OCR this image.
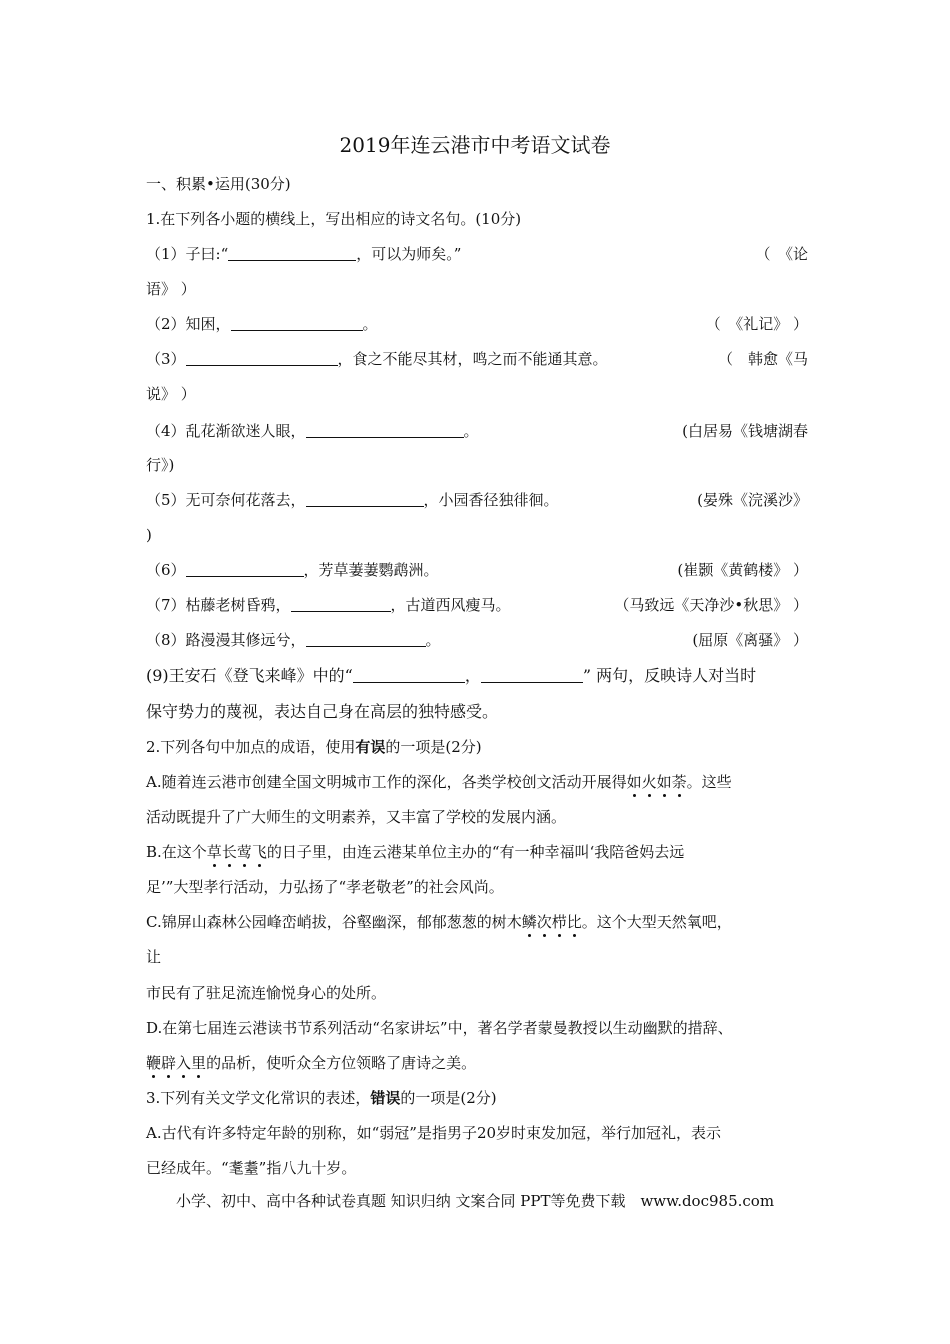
2019年连云港市中考语文试卷
一、积累•运用(30分)
1.在下列各小题的横线上，写出相应的诗文名句。(10分)
（1）子曰:“	，可以为师矣。”	（　《论
语》 ）
（2）知困，	。	（　《礼记》 ）
（3）	，食之不能尽其材，鸣之而不能通其意。	（　韩愈《马
说》 ）
（4）乱花渐欲迷人眼，	。	(白居易《钱塘湖春
行》)
（5）无可奈何花落去，	，小园香径独徘徊。	(晏殊《浣溪沙》
)
（6）	，芳草萋萋鹦鹉洲。	(崔颢《黄鹤楼》 ）
（7）枯藤老树昏鸦，	，古道西风瘦马。	（马致远《天净沙•秋思》 ）
（8）路漫漫其修远兮，	。	(屈原《离骚》 ）
(9)王安石《登飞来峰》中的“	，	” 两句，反映诗人对当时
保守势力的蔑视，表达自己身在高层的独特感受。
2.下列各句中加点的成语，使用有误的一项是(2分)
A.随着连云港市创建全国文明城市工作的深化，各类学校创文活动开展得如火如荼。这些
活动既提升了广大师生的文明素养，又丰富了学校的发展内涵。
B.在这个草长莺飞的日子里，由连云港某单位主办的“有一种幸福叫‘我陪爸妈去远
足’”大型孝行活动，力弘扬了“孝老敬老”的社会风尚。
C.锦屏山森林公园峰峦峭拔，谷壑幽深，郁郁葱葱的树木鳞次栉比。这个大型天然氧吧，
让
市民有了驻足流连愉悦身心的处所。
D.在第七届连云港读书节系列活动“名家讲坛”中，著名学者蒙曼教授以生动幽默的措辞、
鞭辟入里的品析，使听众全方位领略了唐诗之美。
3.下列有关文学文化常识的表述，错误的一项是(2分)
A.古代有许多特定年龄的别称，如“弱冠”是指男子20岁时束发加冠，举行加冠礼，表示
已经成年。“耄耋”指八九十岁。
小学、初中、高中各种试卷真题 知识归纳 文案合同 PPT等免费下载　www.doc985.com
